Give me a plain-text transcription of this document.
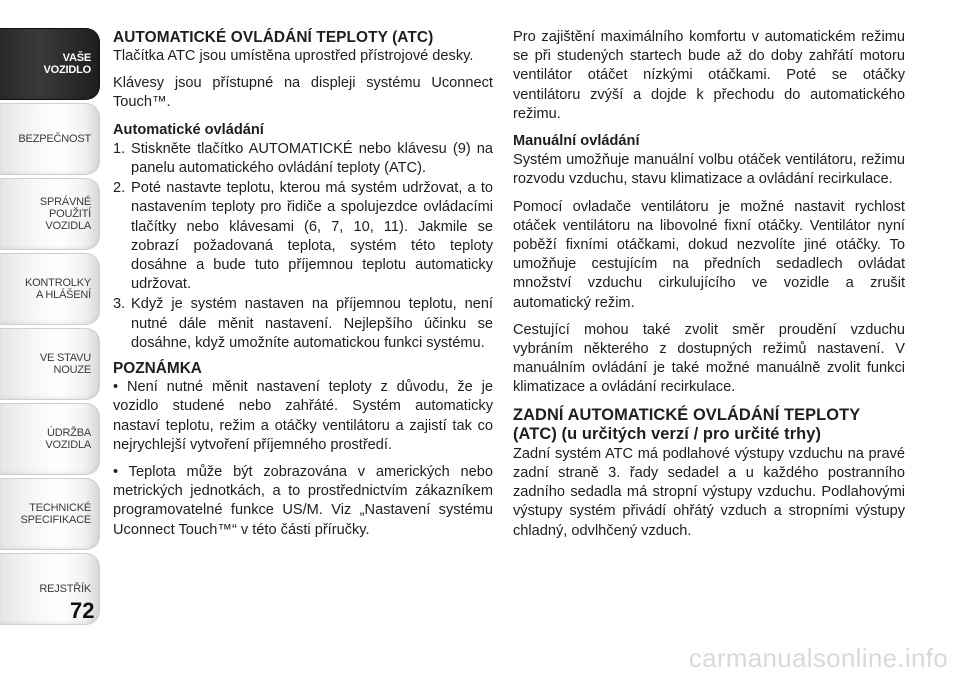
VAŠE
VOZIDLO
BEZPEČNOST
SPRÁVNÉ
POUŽITÍ
VOZIDLA
KONTROLKY
A HLÁŠENÍ
VE STAVU
NOUZE
ÚDRŽBA
VOZIDLA
TECHNICKÉ
SPECIFIKACE
REJSTŘÍK
72
AUTOMATICKÉ OVLÁDÁNÍ TEPLOTY (ATC)

Tlačítka ATC jsou umístěna uprostřed přístrojové desky.

Klávesy jsou přístupné na displeji systému Uconnect Touch™.

Automatické ovládání
1. Stiskněte tlačítko AUTOMATICKÉ nebo klávesu (9) na panelu automatického ovládání teploty (ATC).
2. Poté nastavte teplotu, kterou má systém udržovat, a to nastavením teploty pro řidiče a spolujezdce ovládacími tlačítky nebo klávesami (6, 7, 10, 11). Jakmile se zobrazí požadovaná teplota, systém této teploty dosáhne a bude tuto příjemnou teplotu automaticky udržovat.
3. Když je systém nastaven na příjemnou teplotu, není nutné dále měnit nastavení. Nejlepšího účinku se dosáhne, když umožníte automatickou funkci systému.
POZNÁMKA

• Není nutné měnit nastavení teploty z důvodu, že je vozidlo studené nebo zahřáté. Systém automaticky nastaví teplotu, režim a otáčky ventilátoru a zajistí tak co nejrychlejší vytvoření příjemného prostředí.

• Teplota může být zobrazována v amerických nebo metrických jednotkách, a to prostřednictvím zákazníkem programovatelné funkce US/M. Viz „Nastavení systému Uconnect Touch™“ v této části příručky.

Pro zajištění maximálního komfortu v automatickém režimu se při studených startech bude až do doby zahřátí motoru ventilátor otáčet nízkými otáčkami. Poté se otáčky ventilátoru zvýší a dojde k přechodu do automatického režimu.

Manuální ovládání

Systém umožňuje manuální volbu otáček ventilátoru, režimu rozvodu vzduchu, stavu klimatizace a ovládání recirkulace.

Pomocí ovladače ventilátoru je možné nastavit rychlost otáček ventilátoru na libovolné fixní otáčky. Ventilátor nyní poběží fixními otáčkami, dokud nezvolíte jiné otáčky. To umožňuje cestujícím na předních sedadlech ovládat množství vzduchu cirkulujícího ve vozidle a zrušit automatický režim.

Cestující mohou také zvolit směr proudění vzduchu vybráním některého z dostupných režimů nastavení. V manuálním ovládání je také možné manuálně zvolit funkci klimatizace a ovládání recirkulace.

ZADNÍ AUTOMATICKÉ OVLÁDÁNÍ TEPLOTY (ATC) (u určitých verzí / pro určité trhy)

Zadní systém ATC má podlahové výstupy vzduchu na pravé zadní straně 3. řady sedadel a u každého postranního zadního sedadla má stropní výstupy vzduchu. Podlahovými výstupy systém přivádí ohřátý vzduch a stropními výstupy chladný, odvlhčený vzduch.

carmanualsonline.info
